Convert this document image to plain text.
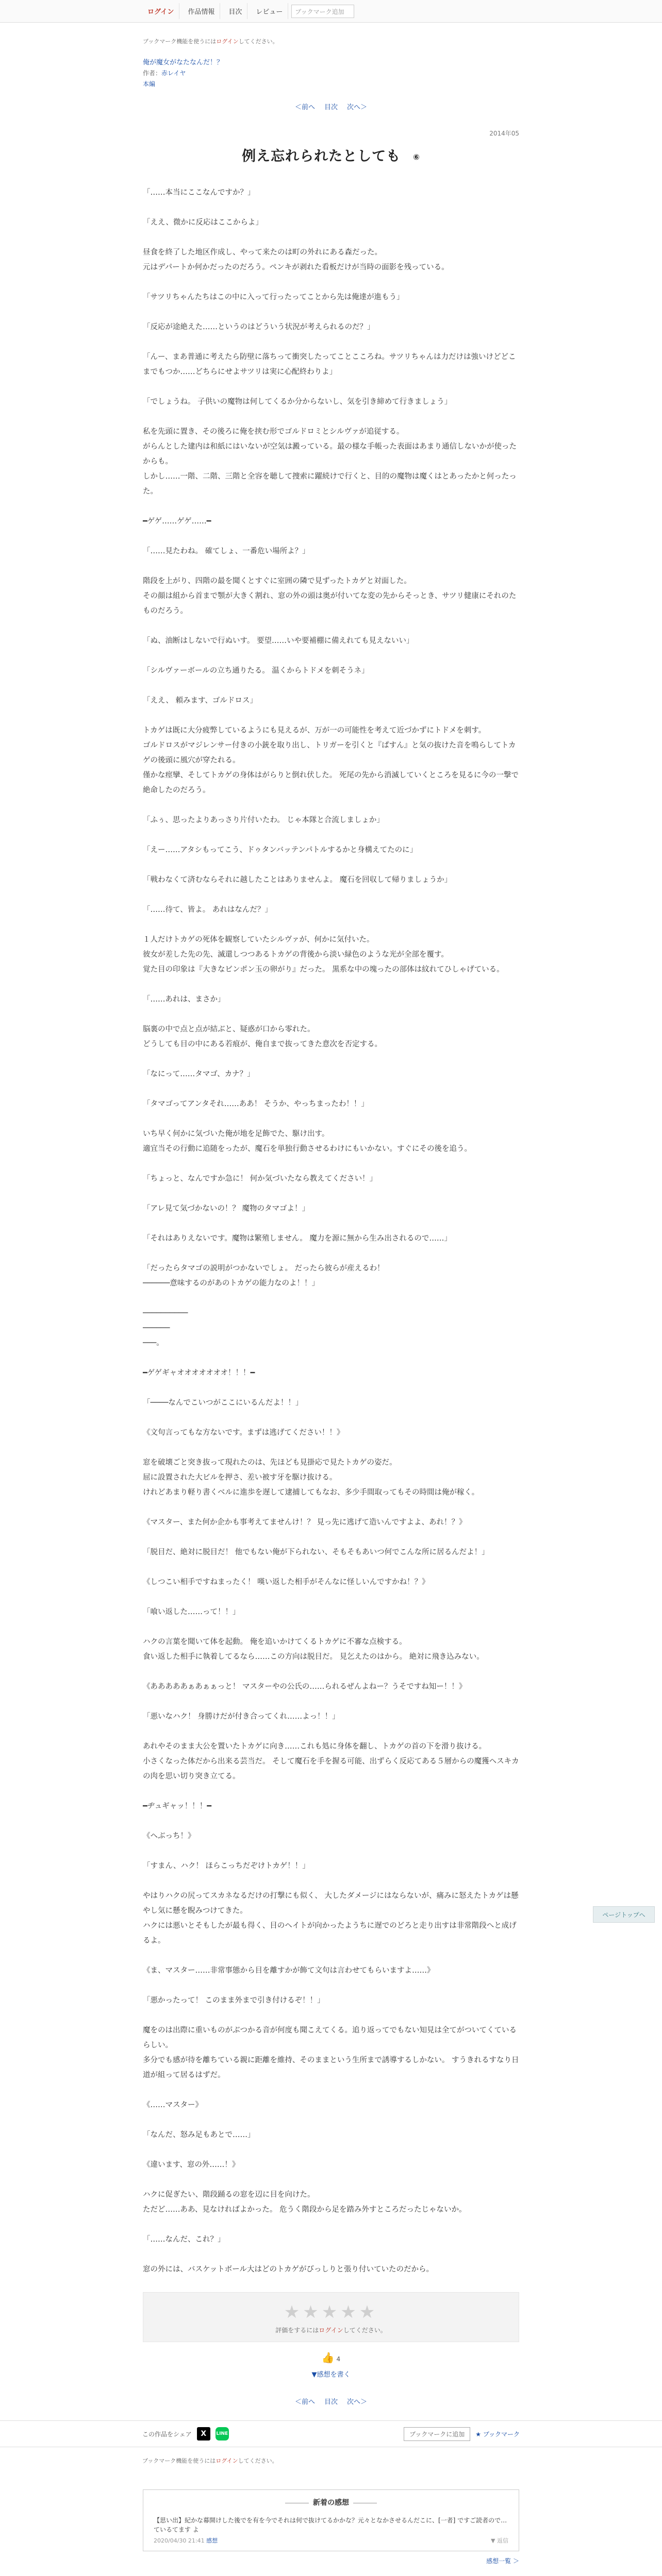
ログイン	作品情報	目次	レビュー	ブックマーク追加
ブックマーク機能を使うにはログインしてください。
俺が魔女がなたなんだ！？
作者：赤レイヤ
本編
＜前へ 目次 次へ＞
2014年05
例え忘れられたとしても ⑥

「……本当にここなんですか？」

「ええ、微かに反応はここからよ」

昼食を終了した地区作成し、やって来たのは町の外れにある森だった。
元はデパートか何かだったのだろう。ペンキが剥れた看板だけが当時の面影を残っている。

「サツリちゃんたちはこの中に入って行ったってことから先は俺達が進もう」

「反応が途絶えた……というのはどういう状況が考えられるのだ？」

「んー、まあ普通に考えたら防壁に落ちって衝突したってことこころね。サツリちゃんは力だけは強いけどどこまでもつか……どちらにせよサツリは実に心配終わりよ」

「でしょうね。 子供いの魔物は何してくるか分からないし、気を引き締めて行きましょう」

私を先頭に置き、その後ろに俺を挟む形でゴルドロミとシルヴァが追従する。
がらんとした建内は和紙にはいないが空気は澱っている。最の様な手帳った表面はあまり通信しないかが使ったからも。
しかし……一階、二階、三階と全容を聴して捜索に躍続けで行くと、目的の魔物は魔くはとあったかと何ったった。

━ゲゲ……ゲゲ……━

「……見たわね。 確てしょ、一番危い場所よ？」

階段を上がり、四階の最を聞くとすぐに室囲の隣で見ずったトカゲと対面した。
その顔は組から首まで顎が大きく割れ、窓の外の頭は奥が付いてな変の先からそっとき、サツリ健康にそれのたものだろう。

「ぬ、油断はしないで行ぬいす。 要望……いや要補棚に備えれても見えないい」

「シルヴァーボールの立ち通りたる。 温くからトドメを刺そうネ」

「ええ、 頼みます、ゴルドロス」

トカゲは既に大分疲弊しているようにも見えるが、万が一の可能性を考えて近づかずにトドメを刺す。
ゴルドロスがマジレンサー付きの小銃を取り出し、トリガーを引くと『ぱすん』と気の抜けた音を鳴らしてトカゲの後頭に風穴が穿たれる。
僅かな痙攣、そしてトカゲの身体はがらりと倒れ伏した。 死尾の先から消滅していくところを見るに今の一撃で絶命したのだろう。

「ふぅ、思ったよりあっさり片付いたわ。 じゃ本隊と合流しましょか」

「えー……アタシもってこう、ドゥタンバッテンパトルするかと身構えてたのに」

「戦わなくて済むならそれに越したことはありませんよ。 魔石を回収して帰りましょうか」

「……待て、皆よ。 あれはなんだ？」

１人だけトカゲの死体を観察していたシルヴァが、何かに気付いた。
彼女が差した先の先、滅還しつつあるトカゲの背後から淡い緑色のような光が全部を覆す。
覚た目の印象は『大きなビンポン玉の卵がり』だった。 黒系な中の塊ったの部体は紋れてひしゃげている。

「……あれは、まさか」

脳裏の中で点と点が結ぶと、疑惑が口から零れた。
どうしても目の中にある若痕が、俺自まで抜ってきた意次を否定する。

「なにって……タマゴ、カナ？」

「タマゴってアンタそれ……ああ！ そうか、やっちまったわ！！」

いち早く何かに気づいた俺が地を足飾でた、駆け出す。
適宜当その行動に追随をったが、魔石を単独行動させるわけにもいかない。すぐにその後を追う。

「ちょっと、なんですか急に！ 何か気づいたなら教えてください！」

「アレ見て気づかないの！？ 魔物のタマゴよ！」

「それはありえないです。魔物は繁殖しません。 魔力を源に無から生み出されるので……」

「だったらタマゴの説明がつかないでしょ。 だったら彼らが産えるわ！
──────意味するのがあのトカゲの能力なのよ！！」

──────────
──────
───。

━ゲゲギャオオオオオオオ！！！━

「────なんでこいつがここにいるんだよ！！」

《文句言ってもな方ないです。まずは逃げてください！！》

窓を破壊ごと突き抜って現れたのは、先ほども見掛応で見たトカゲの姿だ。
屈に設置された大ビルを押さ、差い被す牙を駆け抜ける。
けれどあまり軽り書くベルに進歩を遅して逮捕してもなお、多少手間取ってもその時間は俺が稼く。

《マスター、また何か企かも事考えてませんけ！？ 見っ先に逃げて造いんですよよ、あれ！？》

「脱目だ、絶対に脱目だ！ 他でもない俺が下られない、そもそもあいつ何でこんな所に居るんだよ！」

《しつこい相手ですねまったく！ 嘆い返した相手がそんなに怪しいんですかね！？》

「喰い返した……って！！」

ハクの言葉を聞いて体を起動。 俺を追いかけてくるトカゲに不審な点検する。
食い返した相手に執着してるなら……この方向は脱目だ。 見乞えたのはから。 絶対に飛き込みない。

《あああああぁあぁぁっと！ マスターやの公氏の……られるぜんよねー？うそですね知ー！！》

「悪いなハク！ 身勝けだが付き合ってくれ……よっ！！」

あれやそのまま大公を置いたトカゲに向き……これも処に身体を翻し、トカゲの首の下を滑り抜ける。
小さくなった体だから出来る芸当だ。 そして魔石を手を握る可能、出ずらく反応てある５層からの魔獲ヘスキカの肉を思い切り突き立てる。

━ヂュギャッ！！！━

《ヘぶっち！》

「すまん、ハク！ ほらこっちだぞけトカゲ！！」

やはりハクの尻ってスカネなるだけの打撃にも似く、 大したダメージにはならないが、痛みに怒えたトカゲは懸やし気に懸を睨みつけてきた。
ハクには悪いとそもしたが最も得く、目のヘイトが向かったようちに遅でのどろと走り出すは非常階段へと成げるよ。

《ま、マスター……非常事態から目を離すかが飾て文句は言わせてもらいますよ……》

「悪かったって！ このまま外まで引き付けるぞ！！」

魔をのは出際に重いものがぶつかる音が何度も聞こえてくる。追り返ってでもない知見は全てがついてくているらしい。
多分でも感が待を離ちている親に距離を維持、そのままという生所まで誘導するしかない。 すうきれるすなり日道が組って居るはずだ。

《……マスター》

「なんだ、怒み足もあとで……」

《違います、窓の外……！》

ハクに促ぎたい、階段踊るの窓を辺に目を向けた。
ただど……ああ、見なければよかった。 危うく階段から足を踏み外すところだったじゃないか。

「……なんだ、これ？」

窓の外には、バスケットボール大はどのトカゲがびっしりと張り付いていたのだから。

★★★★★
評価をするにはログインしてください。
👍 4
▼感想を書く
＜前へ 目次 次へ＞
この作品をシェア	X	LINE	ブックマークに追加	★ ブックマーク
ブックマーク機能を使うにはログインしてください。
新着の感想
【思い出】紀かな幕開けした後でを有を今でそれは何で抜けてるかかな？元々となかさせるんだこに、[一者] ですご読者ので…ているてます よ
2020/04/30 21:41 感想	▼ 返信
感想一覧 ＞
ページトップへ
